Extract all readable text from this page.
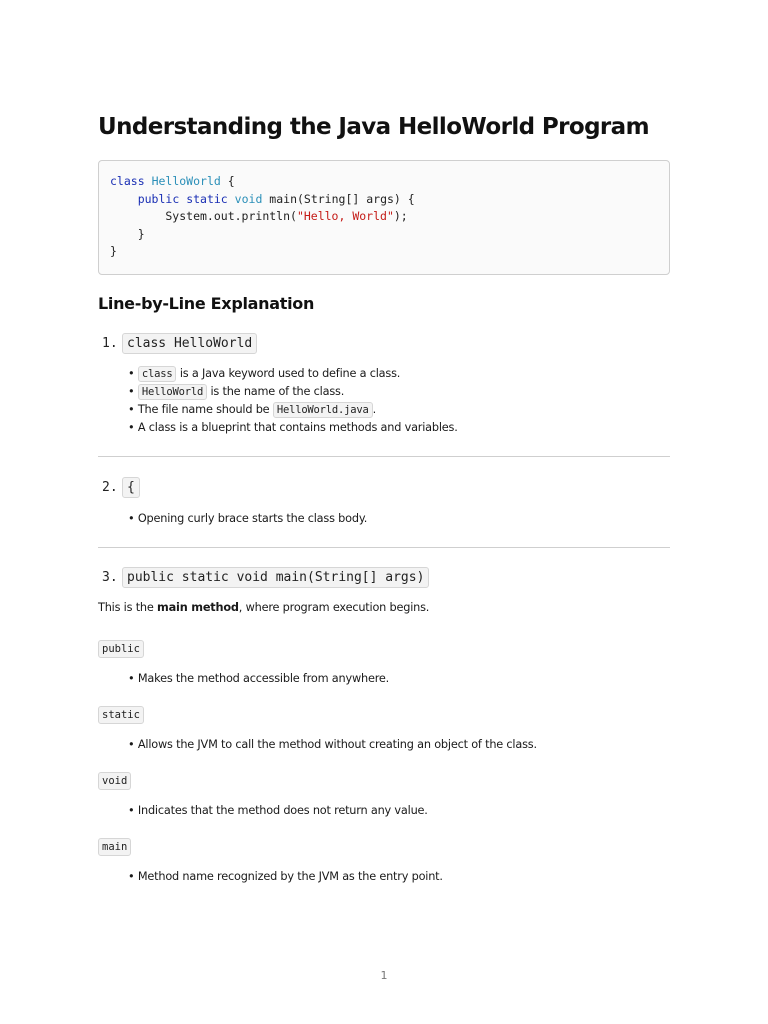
Understanding the Java HelloWorld Program
class HelloWorld {
public static void main(String[] args) {
System.out.println("Hello, World");
}
}
Line-by-Line Explanation
1. class HelloWorld
• class is a Java keyword used to define a class.
• HelloWorld is the name of the class.
• The file name should be HelloWorld.java .
• A class is a blueprint that contains methods and variables.
2. {
• Opening curly brace starts the class body.
3. public static void main(String[] args)

This is the main method, where program execution begins.

public
• Makes the method accessible from anywhere.
static
• Allows the JVM to call the method without creating an object of the class.
void
• Indicates that the method does not return any value.
main
• Method name recognized by the JVM as the entry point.
1
